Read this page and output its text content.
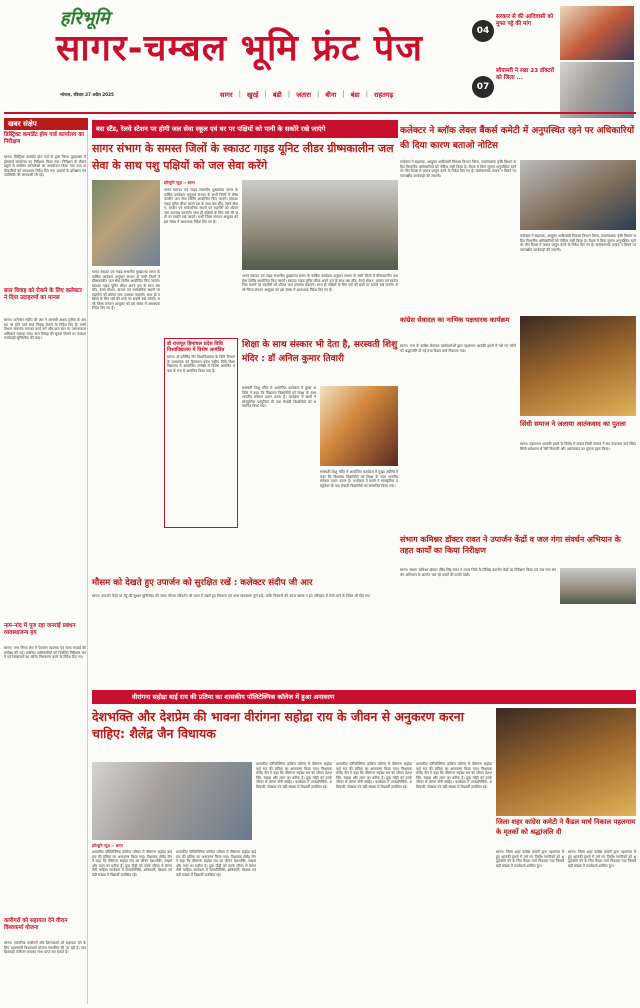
हरिभूमि
सागर-चम्बल भूमि फ्रंट पेज
भोपाल, रविवार 27 अप्रैल 2025	सागर | खुरई | बंडी | जतारा | बीना | बंडा | राहतगढ़
04
सरकार से की आदिवासी को मुफ्त पट्टे की मांग
07
सौपामरी ने रखा 23 डॉक्टरों को जिला ...
खबर संक्षेप
डिस्ट्रिक्ट कमांडेंट होम गार्ड कार्यालय का निरीक्षण
सागर। डिस्ट्रिक्ट कमांडेंट होम गार्ड के द्वारा जिला मुख्यालय में होमगार्ड कार्यालय का निरीक्षण किया गया। निरीक्षण के दौरान ड्यूटी से संबंधित अभिलेखों का अवलोकन किया गया तथा अधिकारियों को आवश्यक निर्देश दिए गए। जवानों के प्रशिक्षण एवं उपस्थिति की जानकारी ली गई।
बाल विवाह को रोकने के लिए कलेक्टर ने दिया उदाहरणों का मानस
सागर। कलेक्टर संदीप जी आर ने आगामी अक्षय तृतीया के अवसर पर होने वाले बाल विवाह रोकने के निर्देश दिए हैं। सभी विभाग समन्वय बनाकर कार्य करें और ग्राम स्तर पर जागरूकता अभियान चलाया जाए। बाल विवाह की सूचना मिलने पर तत्काल कार्यवाही सुनिश्चित की जाए।
नाम-नांद में पूज रहा जनरांई प्रबंधन व्यवस्थाजन्य हय
सागर। नगर निगम क्षेत्र में पेयजल व्यवस्था एवं साफ सफाई की समीक्षा की गई। संबंधित अधिकारियों को नियमित निरीक्षण करने एवं शिकायतों का त्वरित निराकरण करने के निर्देश दिए गए।
कारीगरों को सहायता देने वीरान विश्वकर्मा योजना
सागर। पारंपरिक कारीगरों और शिल्पकारों को सहायता देने के लिए प्रधानमंत्री विश्वकर्मा योजना संचालित की जा रही है। पात्र हितग्राही पंजीयन कराकर लाभ प्राप्त कर सकते हैं।
बस स्टैंड, रेलवे स्टेशन पर होगी जल सेवा स्कूल एवं घर पर पक्षियों को पानी के सकोरे रखे जाएंगे
सागर संभाग के समस्त जिलों के स्काउट गाइड यूनिट लीडर ग्रीष्मकालीन जल सेवा के साथ पशु पक्षियों को जल सेवा करेंगे
हरिभूमि न्यूज़ ›› सागर
भारत स्काउट एवं गाइड संभागीय मुख्यालय सागर के वार्षिक कार्यक्रम अनुसार संभाग के सभी जिलों में ग्रीष्मकालीन जल सेवा शिविर आयोजित किए जाएंगे। स्काउट गाइड यूनिट लीडर अपने दल के साथ बस स्टैंड, रेलवे स्टेशन, बाजार एवं सार्वजनिक स्थानों पर राहगीरों को शीतल जल उपलब्ध कराएंगे। साथ ही पक्षियों के लिए घरों की छतों पर सकोरे रखे जाएंगे। सभी जिला संगठन आयुक्त को इस संबंध में आवश्यक निर्देश दिए गए हैं।
भारत स्काउट एवं गाइड संभागीय मुख्यालय सागर के वार्षिक कार्यक्रम अनुसार संभाग के सभी जिलों में ग्रीष्मकालीन जल सेवा शिविर आयोजित किए जाएंगे। स्काउट गाइड यूनिट लीडर अपने दल के साथ बस स्टैंड, रेलवे स्टेशन, बाजार एवं सार्वजनिक स्थानों पर राहगीरों को शीतल जल उपलब्ध कराएंगे। साथ ही पक्षियों के लिए घरों की छतों पर सकोरे रखे जाएंगे। सभी जिला संगठन आयुक्त को इस संबंध में आवश्यक निर्देश दिए गए हैं।
कलेक्टर ने ब्लॉक लेवल बैंकर्स कमेटी में अनुपस्थित रहने पर अधिकारियों की दिया कारण बताओ नोटिस
कलेक्टर ने सहायक, आयुक्त आदिवासी विकास विभाग जिला, उपसंचालक कृषि विभाग सहित विभागीय अधिकारियों को नोटिस जारी किया है। बैठक में बिना सूचना अनुपस्थित रहने पर तीन दिवस में जवाब प्रस्तुत करने के निर्देश दिए गए हैं। संतोषजनक जवाब न मिलने पर एकपक्षीय कार्यवाही की जाएगी।
कलेक्टर ने सहायक, आयुक्त आदिवासी विकास विभाग जिला, उपसंचालक कृषि विभाग सहित विभागीय अधिकारियों को नोटिस जारी किया है। बैठक में बिना सूचना अनुपस्थित रहने पर तीन दिवस में जवाब प्रस्तुत करने के निर्देश दिए गए हैं। संतोषजनक जवाब न मिलने पर एकपक्षीय कार्यवाही की जाएगी।
डॉ राजपूत हिमाचल प्रदेश विधि विश्वविद्यालय में विशेष आमंत्रित
सागर। डॉ हरीसिंह गौर विश्वविद्यालय के विधि विभाग के प्राध्यापक को हिमाचल प्रदेश राष्ट्रीय विधि विश्वविद्यालय में आयोजित संगोष्ठी में विशेष आमंत्रित वक्ता के रूप में आमंत्रित किया गया है।
शिक्षा के साथ संस्कार भी देता है, सरस्वती शिशु मंदिर : डॉ अनिल कुमार तिवारी
सरस्वती शिशु मंदिर में आयोजित कार्यक्रम में मुख्य अतिथि ने कहा कि विद्यालय विद्यार्थियों को शिक्षा के साथ भारतीय संस्कार प्रदान करता है। कार्यक्रम में छात्रों ने सांस्कृतिक प्रस्तुतियां दीं तथा मेधावी विद्यार्थियों को सम्मानित किया गया।
सरस्वती शिशु मंदिर में आयोजित कार्यक्रम में मुख्य अतिथि ने कहा कि विद्यालय विद्यार्थियों को शिक्षा के साथ भारतीय संस्कार प्रदान करता है। कार्यक्रम में छात्रों ने सांस्कृतिक प्रस्तुतियां दीं तथा मेधावी विद्यार्थियों को सम्मानित किया गया।
भारत स्काउट एवं गाइड संभागीय मुख्यालय सागर के वार्षिक कार्यक्रम अनुसार संभाग के सभी जिलों में ग्रीष्मकालीन जल सेवा शिविर आयोजित किए जाएंगे। स्काउट गाइड यूनिट लीडर अपने दल के साथ बस स्टैंड, रेलवे स्टेशन, बाजार एवं सार्वजनिक स्थानों पर राहगीरों को शीतल जल उपलब्ध कराएंगे। साथ ही पक्षियों के लिए घरों की छतों पर सकोरे रखे जाएंगे। सभी जिला संगठन आयुक्त को इस संबंध में आवश्यक निर्देश दिए गए हैं।
कांग्रेस सेवादल का नाभिक पक्षधारक कार्यक्रम
सागर। नगर के कांग्रेस सेवादल कार्यकर्ताओं द्वारा पहलगाम आतंकी हमले में मारे गए लोगों को श्रद्धांजलि दी गई तथा कैंडल मार्च निकाला गया।
सिंधी समाज ने जलाया आतंकवाद का पुतला
सागर। पहलगाम आतंकी हमले के विरोध में सकल सिंधी समाज ने संत कंवरराम वार्ड स्थित सिंधी धर्मशाला से रैली निकाली और आतंकवाद का पुतला दहन किया।
संभाग कमिश्नर डॉक्टर रावत ने उपार्जन केंद्रों व जल गंगा संवर्धन अभियान के तहत कार्यों का किया निरीक्षण
सागर। संभाग कमिश्नर डॉक्टर वीरेंद्र सिंह रावत ने सागर जिले के विभिन्न उपार्जन केंद्रों का निरीक्षण किया एवं जल गंगा संवर्धन अभियान के अंतर्गत चल रहे कार्यों की प्रगति देखी।
मौसम को देखते हुए उपार्जन को सुरक्षित रखें : कलेक्टर संदीप जी आर
सागर। उपार्जन केंद्रों पर गेहूं की सुरक्षा सुनिश्चित की जाए। मौसम परिवर्तन को ध्यान में रखते हुए तिरपाल एवं अन्य व्यवस्थाएं पूर्ण रखें, ताकि किसानों की उपज खराब न हो। परिवहन में तेजी लाने के निर्देश भी दिए गए।
वीरांगना सहोद्रा बाई राय की प्रतिमा का शासकीय पॉलिटेक्निक कॉलेज में हुआ अनावरण
देशभक्ति और देशप्रेम की भावना वीरांगना सहोद्रा राय के जीवन से अनुकरण करना चाहिए: शैलेंद्र जैन विधायक
हरिभूमि न्यूज़ ›› सागर
शासकीय पॉलिटेक्निक कॉलेज परिसर में वीरांगना सहोद्रा बाई राय की प्रतिमा का अनावरण किया गया। विधायक शैलेंद्र जैन ने कहा कि वीरांगना सहोद्रा राय का जीवन देशभक्ति, साहस और त्याग का प्रतीक है। युवा पीढ़ी को उनके जीवन से प्रेरणा लेनी चाहिए। कार्यक्रम में जनप्रतिनिधि, अधिकारी, शिक्षक एवं बड़ी संख्या में विद्यार्थी उपस्थित रहे।
शासकीय पॉलिटेक्निक कॉलेज परिसर में वीरांगना सहोद्रा बाई राय की प्रतिमा का अनावरण किया गया। विधायक शैलेंद्र जैन ने कहा कि वीरांगना सहोद्रा राय का जीवन देशभक्ति, साहस और त्याग का प्रतीक है। युवा पीढ़ी को उनके जीवन से प्रेरणा लेनी चाहिए। कार्यक्रम में जनप्रतिनिधि, अधिकारी, शिक्षक एवं बड़ी संख्या में विद्यार्थी उपस्थित रहे।
शासकीय पॉलिटेक्निक कॉलेज परिसर में वीरांगना सहोद्रा बाई राय की प्रतिमा का अनावरण किया गया। विधायक शैलेंद्र जैन ने कहा कि वीरांगना सहोद्रा राय का जीवन देशभक्ति, साहस और त्याग का प्रतीक है। युवा पीढ़ी को उनके जीवन से प्रेरणा लेनी चाहिए। कार्यक्रम में जनप्रतिनिधि, अधिकारी, शिक्षक एवं बड़ी संख्या में विद्यार्थी उपस्थित रहे।
शासकीय पॉलिटेक्निक कॉलेज परिसर में वीरांगना सहोद्रा बाई राय की प्रतिमा का अनावरण किया गया। विधायक शैलेंद्र जैन ने कहा कि वीरांगना सहोद्रा राय का जीवन देशभक्ति, साहस और त्याग का प्रतीक है। युवा पीढ़ी को उनके जीवन से प्रेरणा लेनी चाहिए। कार्यक्रम में जनप्रतिनिधि, अधिकारी, शिक्षक एवं बड़ी संख्या में विद्यार्थी उपस्थित रहे।
शासकीय पॉलिटेक्निक कॉलेज परिसर में वीरांगना सहोद्रा बाई राय की प्रतिमा का अनावरण किया गया। विधायक शैलेंद्र जैन ने कहा कि वीरांगना सहोद्रा राय का जीवन देशभक्ति, साहस और त्याग का प्रतीक है। युवा पीढ़ी को उनके जीवन से प्रेरणा लेनी चाहिए। कार्यक्रम में जनप्रतिनिधि, अधिकारी, शिक्षक एवं बड़ी संख्या में विद्यार्थी उपस्थित रहे।
जिला शहर कांग्रेस कमेटी ने कैंडल मार्च निकाल पहलगाम के मृतकों को श्रद्धांजलि दी
सागर। जिला शहर कांग्रेस कमेटी द्वारा पहलगाम में हुए आतंकी हमले में मारे गए निर्दोष नागरिकों को श्रद्धांजलि देने के लिए कैंडल मार्च निकाला गया जिसमें बड़ी संख्या में कार्यकर्ता शामिल हुए।
सागर। जिला शहर कांग्रेस कमेटी द्वारा पहलगाम में हुए आतंकी हमले में मारे गए निर्दोष नागरिकों को श्रद्धांजलि देने के लिए कैंडल मार्च निकाला गया जिसमें बड़ी संख्या में कार्यकर्ता शामिल हुए।
